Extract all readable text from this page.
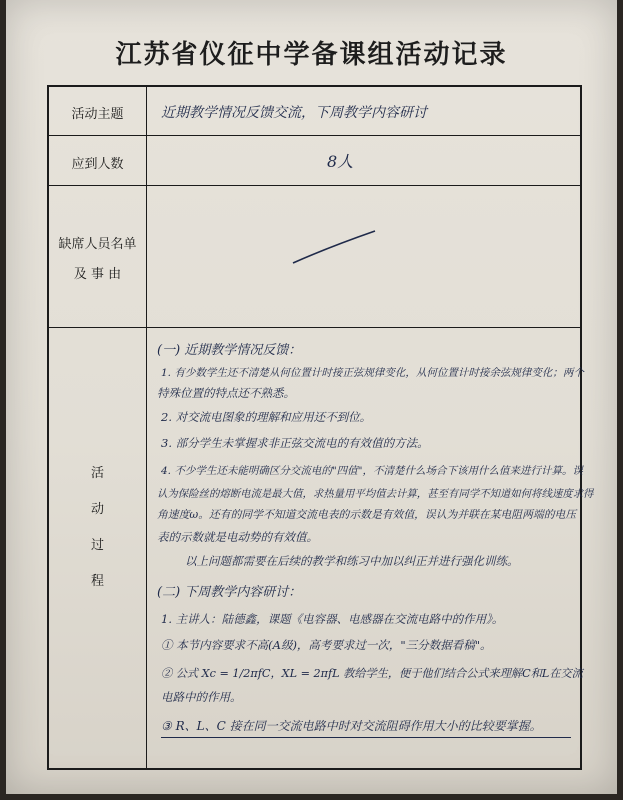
江苏省仪征中学备课组活动记录
活动主题	近期教学情况反馈交流，下周教学内容研讨
应到人数	8人
缺席人员名单
及 事 由
活
动
过
程
(一) 近期教学情况反馈：
1. 有少数学生还不清楚从何位置计时接正弦规律变化，从何位置计时接余弦规律变化；两个
特殊位置的特点还不熟悉。
2. 对交流电图象的理解和应用还不到位。
3. 部分学生未掌握求非正弦交流电的有效值的方法。
4. 不少学生还未能明确区分交流电的"四值"，不清楚什么场合下该用什么值来进行计算。误
认为保险丝的熔断电流是最大值，求热量用平均值去计算，甚至有同学不知道如何将线速度求得
角速度ω。还有的同学不知道交流电表的示数是有效值，误认为并联在某电阻两端的电压
表的示数就是电动势的有效值。
以上问题都需要在后续的教学和练习中加以纠正并进行强化训练。
(二) 下周教学内容研讨：
1. 主讲人：陆德鑫，课题《电容器、电感器在交流电路中的作用》。
① 本节内容要求不高(A级)，高考要求过一次，"三分数据看稿"。
② 公式 Xc = 1/2πfC，XL = 2πfL 教给学生，便于他们结合公式来理解C和L在交流
电路中的作用。
③ R、L、C 接在同一交流电路中时对交流阻碍作用大小的比较要掌握。
